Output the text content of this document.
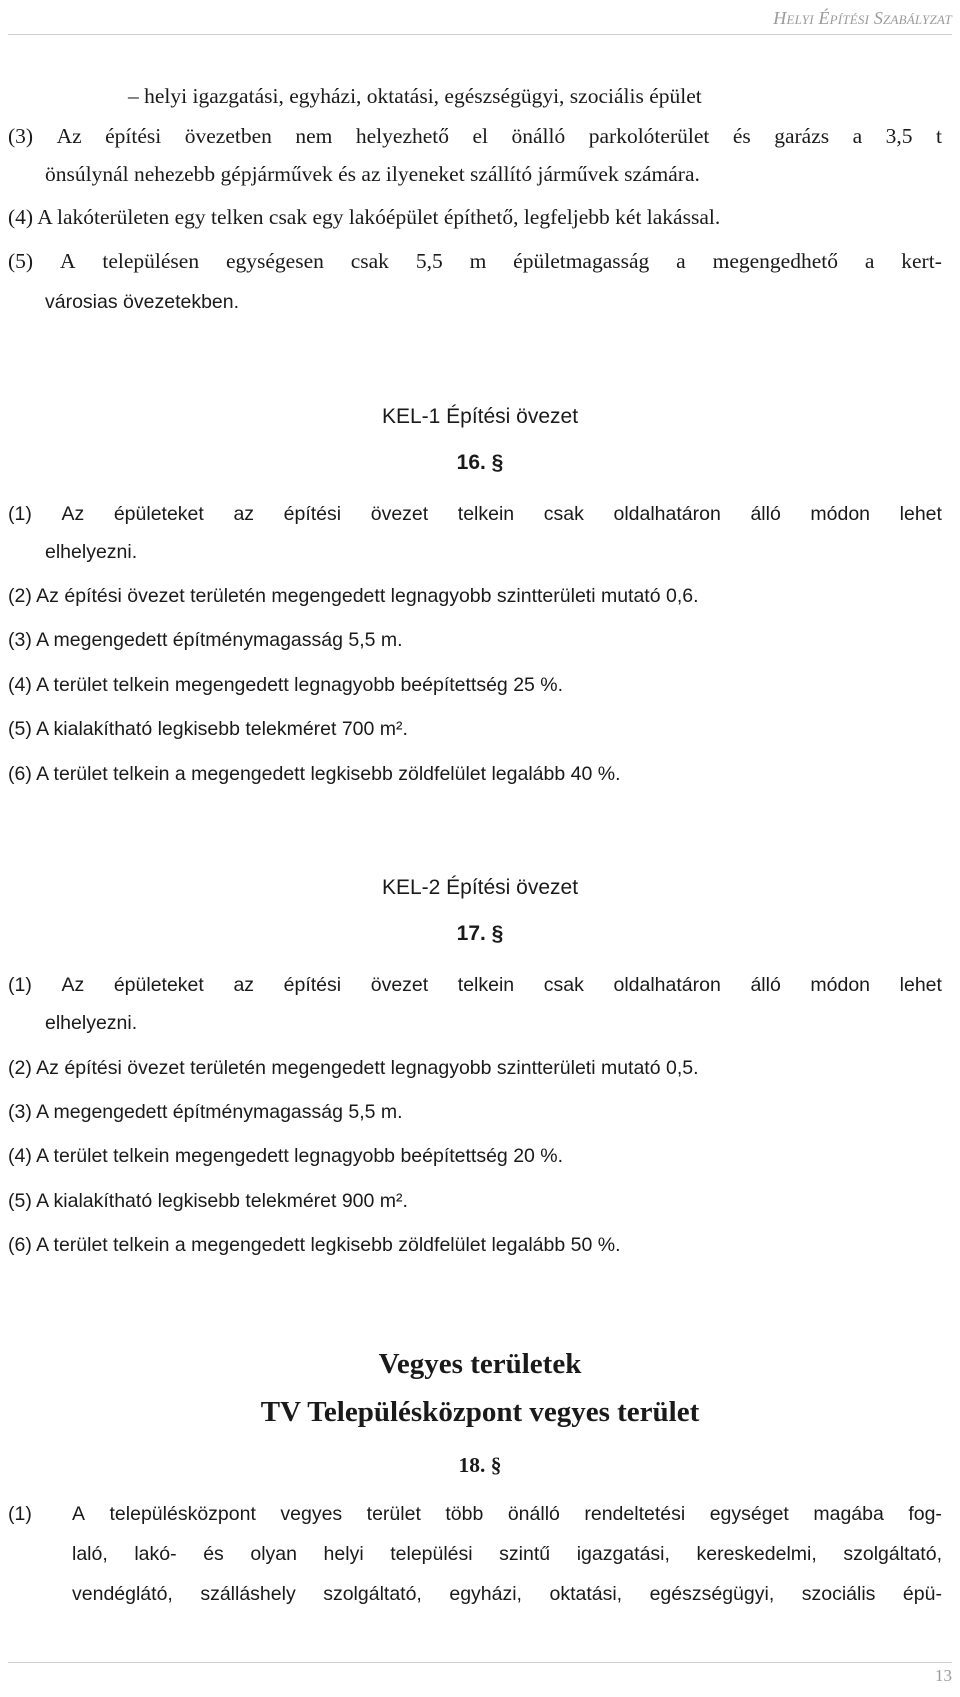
Helyi Építési Szabályzat
– helyi igazgatási, egyházi, oktatási, egészségügyi, szociális épület
(3) Az építési övezetben nem helyezhető el önálló parkolóterület és garázs a 3,5 t
önsúlynál nehezebb gépjárművek és az ilyeneket szállító járművek számára.
(4) A lakóterületen egy telken csak egy lakóépület építhető, legfeljebb két lakással.
(5) A településen egységesen csak 5,5 m épületmagasság a megengedhető a kert-
városias övezetekben.
KEL-1 Építési övezet
16. §
(1) Az épületeket az építési övezet telkein csak oldalhatáron álló módon lehet
elhelyezni.
(2) Az építési övezet területén megengedett legnagyobb szintterületi mutató 0,6.
(3) A megengedett építménymagasság 5,5 m.
(4) A terület telkein megengedett legnagyobb beépítettség 25 %.
(5) A kialakítható legkisebb telekméret 700 m².
(6) A terület telkein a megengedett legkisebb zöldfelület legalább 40 %.
KEL-2 Építési övezet
17. §
(1) Az épületeket az építési övezet telkein csak oldalhatáron álló módon lehet
elhelyezni.
(2) Az építési övezet területén megengedett legnagyobb szintterületi mutató 0,5.
(3) A megengedett építménymagasság 5,5 m.
(4) A terület telkein megengedett legnagyobb beépítettség 20 %.
(5) A kialakítható legkisebb telekméret 900 m².
(6) A terület telkein a megengedett legkisebb zöldfelület legalább 50 %.
Vegyes területek
TV Településközpont vegyes terület
18. §
(1) A településközpont vegyes terület több önálló rendeltetési egységet magába fog-
laló, lakó- és olyan helyi települési szintű igazgatási, kereskedelmi, szolgáltató,
vendéglátó, szálláshely szolgáltató, egyházi, oktatási, egészségügyi, szociális épü-
13
